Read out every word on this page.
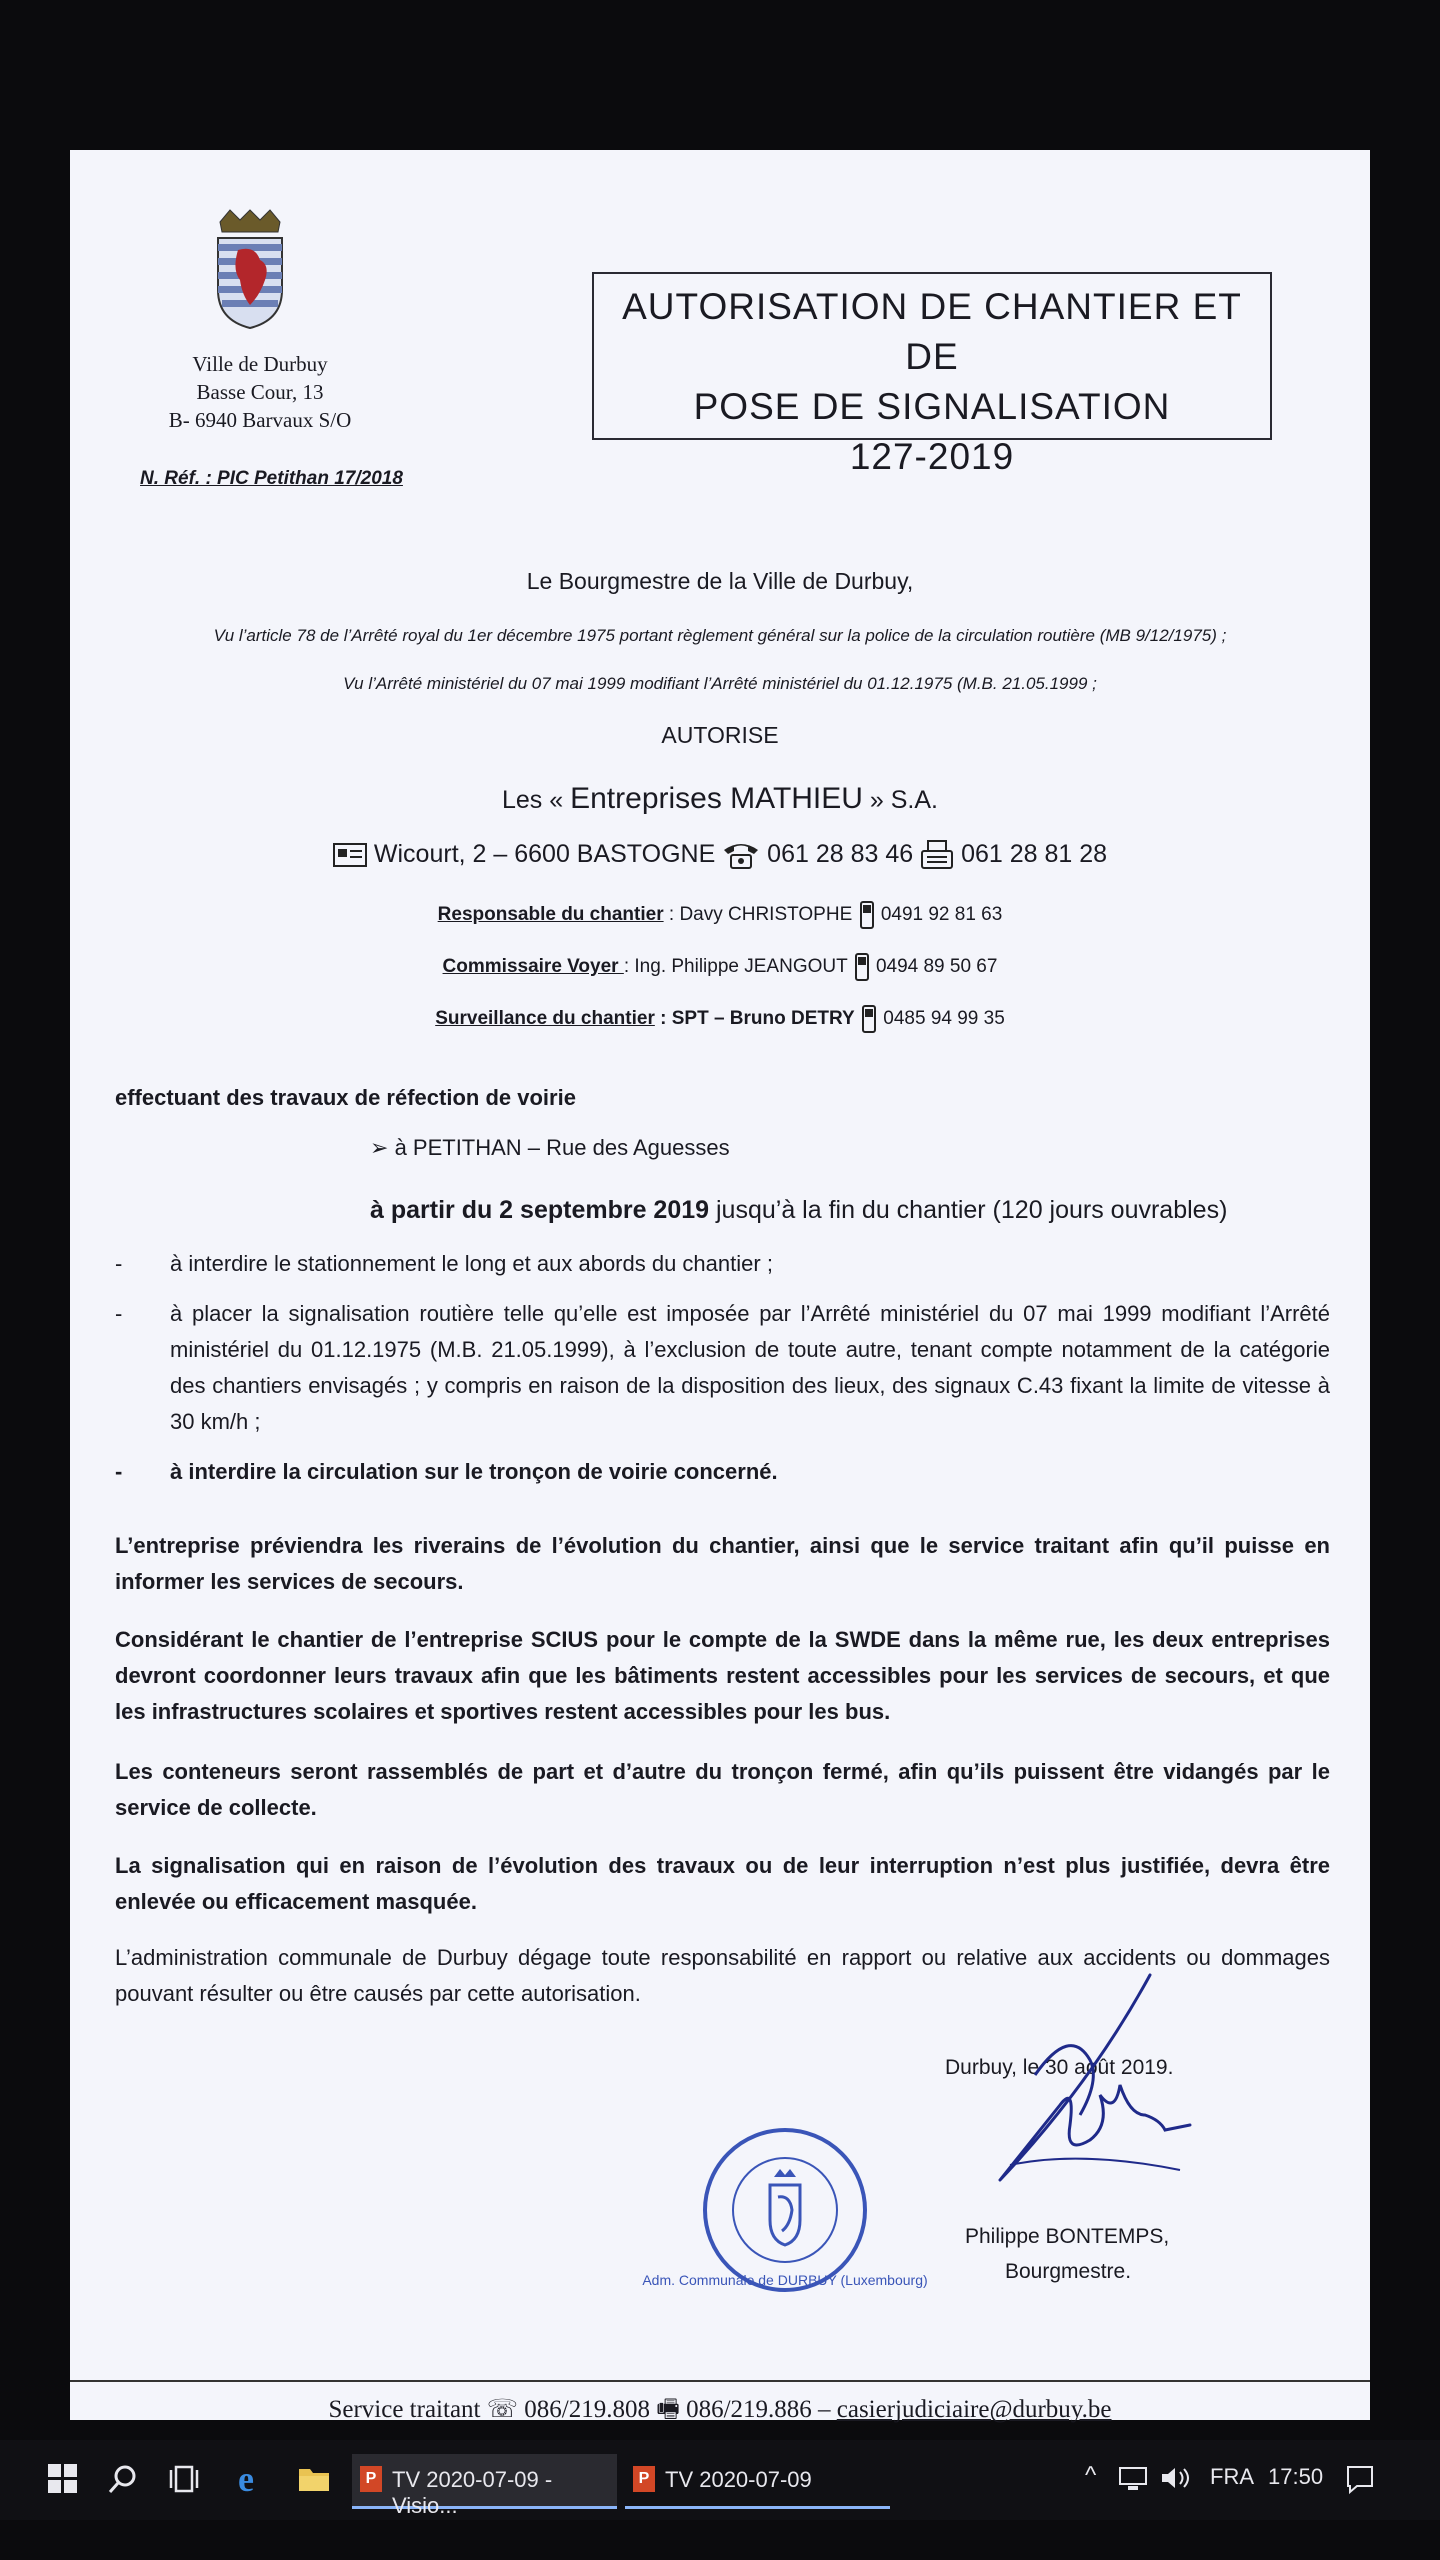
Ville de Durbuy
Basse Cour, 13
B- 6940 Barvaux S/O
AUTORISATION DE CHANTIER ET DE
POSE DE SIGNALISATION
127-2019
N. Réf. : PIC Petithan 17/2018
Le Bourgmestre de la Ville de Durbuy,
Vu l’article 78 de l’Arrêté royal du 1er décembre 1975 portant règlement général sur la police de la circulation routière (MB 9/12/1975) ;
Vu l’Arrêté ministériel du 07 mai 1999 modifiant l’Arrêté ministériel du 01.12.1975 (M.B. 21.05.1999 ;
AUTORISE
Les « Entreprises MATHIEU » S.A.
Wicourt, 2 – 6600 BASTOGNE 061 28 83 46 061 28 81 28
Responsable du chantier : Davy CHRISTOPHE 0491 92 81 63
Commissaire Voyer : Ing. Philippe JEANGOUT 0494 89 50 67
Surveillance du chantier : SPT – Bruno DETRY 0485 94 99 35
effectuant des travaux de réfection de voirie
➢ à PETITHAN – Rue des Aguesses
à partir du 2 septembre 2019 jusqu’à la fin du chantier (120 jours ouvrables)
- à interdire le stationnement le long et aux abords du chantier ;
- à placer la signalisation routière telle qu’elle est imposée par l’Arrêté ministériel du 07 mai 1999 modifiant l’Arrêté ministériel du 01.12.1975 (M.B. 21.05.1999), à l’exclusion de toute autre, tenant compte notamment de la catégorie des chantiers envisagés ; y compris en raison de la disposition des lieux, des signaux C.43 fixant la limite de vitesse à 30 km/h ;
- à interdire la circulation sur le tronçon de voirie concerné.
L’entreprise préviendra les riverains de l’évolution du chantier, ainsi que le service traitant afin qu’il puisse en informer les services de secours.
Considérant le chantier de l’entreprise SCIUS pour le compte de la SWDE dans la même rue, les deux entreprises devront coordonner leurs travaux afin que les bâtiments restent accessibles pour les services de secours, et que les infrastructures scolaires et sportives restent accessibles pour les bus.
Les conteneurs seront rassemblés de part et d’autre du tronçon fermé, afin qu’ils puissent être vidangés par le service de collecte.
La signalisation qui en raison de l’évolution des travaux ou de leur interruption n’est plus justifiée, devra être enlevée ou efficacement masquée.
L’administration communale de Durbuy dégage toute responsabilité en rapport ou relative aux accidents ou dommages pouvant résulter ou être causés par cette autorisation.
Durbuy, le 30 août 2019.
Adm. Communale de DURBUY (Luxembourg)
Philippe BONTEMPS,
Bourgmestre.
Service traitant ☏ 086/219.808 🖷 086/219.886 – casierjudiciaire@durbuy.be
e	P TV 2020-07-09 - Visio...
P TV 2020-07-09	^	FRA 17:50
